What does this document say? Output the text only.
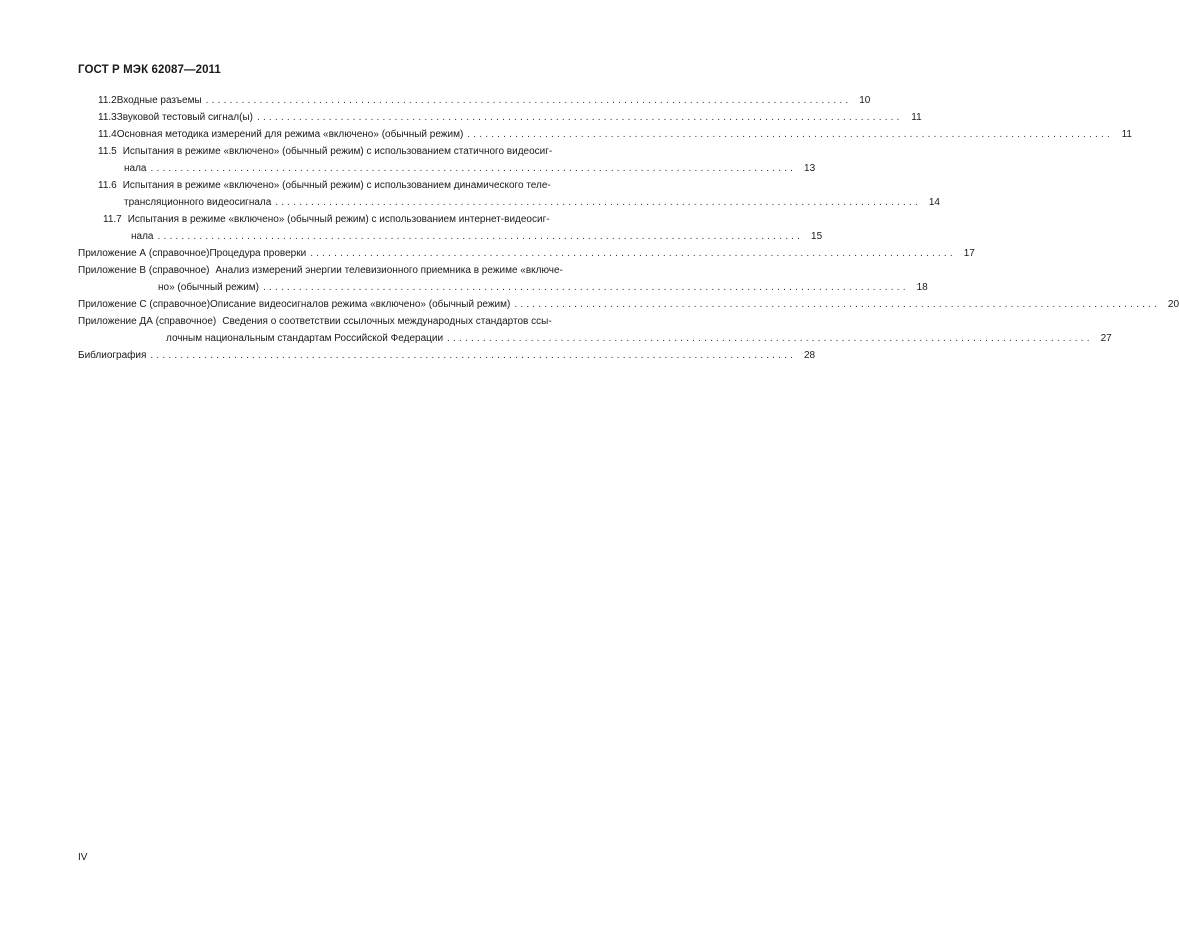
ГОСТ Р МЭК 62087—2011
11.2 Входные разъемы ............................................................................................................ 10
11.3 Звуковой тестовый сигнал(ы) ............................................................................................................ 11
11.4 Основная методика измерений для режима «включено» (обычный режим) ............................................................................................................ 11
11.5 Испытания в режиме «включено» (обычный режим) с использованием статичного видеосиг-
нала ............................................................................................................ 13
11.6 Испытания в режиме «включено» (обычный режим) с использованием динамического теле-
трансляционного видеосигнала ............................................................................................................ 14
11.7 Испытания в режиме «включено» (обычный режим) с использованием интернет-видеосиг-
нала ............................................................................................................ 15
Приложение А (справочное) Процедура проверки ............................................................................................................ 17
Приложение В (справочное) Анализ измерений энергии телевизионного приемника в режиме «включе-
но» (обычный режим) ............................................................................................................ 18
Приложение С (справочное) Описание видеосигналов режима «включено» (обычный режим) ............................................................................................................ 20
Приложение ДА (справочное) Сведения о соответствии ссылочных международных стандартов ссы-
лочным национальным стандартам Российской Федерации ............................................................................................................ 27
Библиография ............................................................................................................ 28
IV
